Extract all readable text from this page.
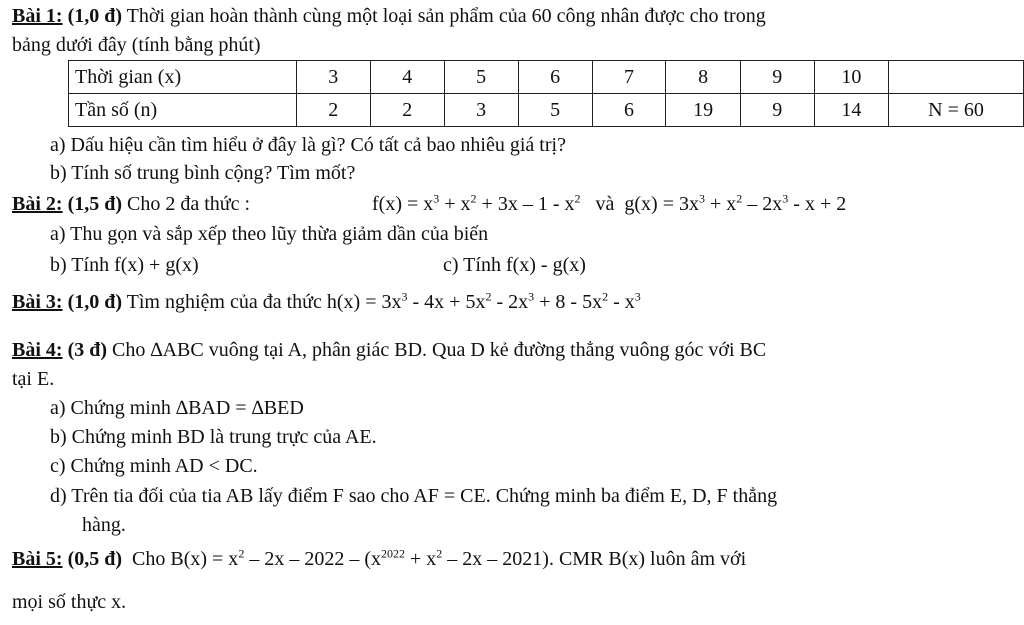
Bài 1: (1,0 đ) Thời gian hoàn thành cùng một loại sản phẩm của 60 công nhân được cho trong
bảng dưới đây (tính bằng phút)
Thời gian (x)	3	4	5	6	7	8	9	10	
Tần số (n)	2	2	3	5	6	19	9	14	N = 60
a) Dấu hiệu cần tìm hiểu ở đây là gì? Có tất cả bao nhiêu giá trị?
b) Tính số trung bình cộng? Tìm mốt?
Bài 2: (1,5 đ) Cho 2 đa thức :	$f(x) = x^3 + x^2 + 3x - 1 - x^2$ và $g(x) = 3x^3 + x^2 - 2x^3 - x + 2$
a) Thu gọn và sắp xếp theo lũy thừa giảm dần của biến
b) Tính f(x) + g(x)	c) Tính f(x) - g(x)
Bài 3: (1,0 đ) Tìm nghiệm của đa thức $h(x) = 3x^3 - 4x + 5x^2 - 2x^3 + 8 - 5x^2 - x^3$
Bài 4: (3 đ) Cho ∆ABC vuông tại A, phân giác BD. Qua D kẻ đường thẳng vuông góc với BC
tại E.
a) Chứng minh ∆BAD = ∆BED
b) Chứng minh BD là trung trực của AE.
c) Chứng minh AD < DC.
d) Trên tia đối của tia AB lấy điểm F sao cho AF = CE. Chứng minh ba điểm E, D, F thẳng
hàng.
Bài 5: (0,5 đ) Cho $B(x) = x^2 - 2x - 2022 - (x^{2022} + x^2 - 2x - 2021)$. CMR B(x) luôn âm với
mọi số thực x.
